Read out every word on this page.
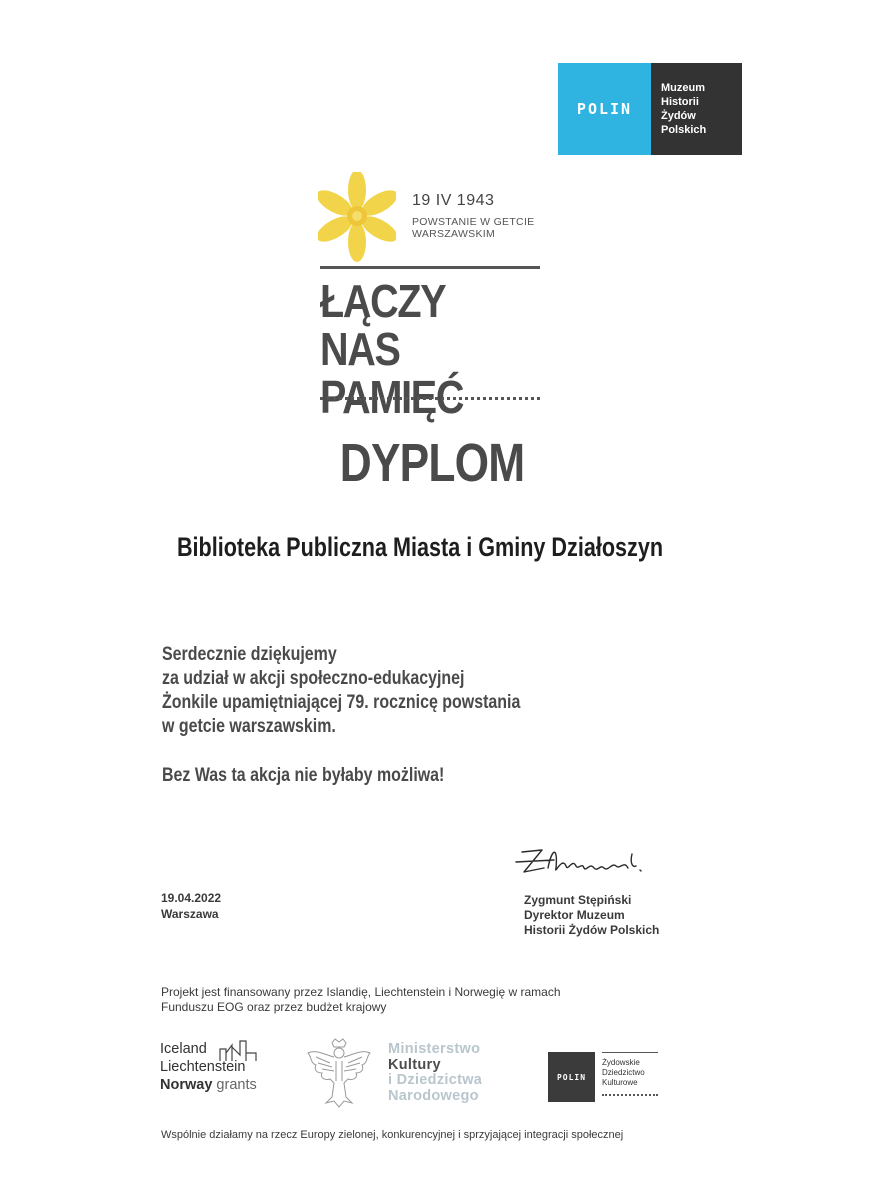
POLIN
Muzeum
Historii
Żydów
Polskich
19 IV 1943
POWSTANIE W GETCIE
WARSZAWSKIM
ŁĄCZY NAS
PAMIĘĆ
DYPLOM
Biblioteka Publiczna Miasta i Gminy Działoszyn
Serdecznie dziękujemy
za udział w akcji społeczno-edukacyjnej
Żonkile upamiętniającej 79. rocznicę powstania
w getcie warszawskim.
Bez Was ta akcja nie byłaby możliwa!
19.04.2022
Warszawa
Zygmunt Stępiński
Dyrektor Muzeum
Historii Żydów Polskich
Projekt jest finansowany przez Islandię, Liechtenstein i Norwegię w ramach
Funduszu EOG oraz przez budżet krajowy
Iceland
Liechtenstein
Norway grants
Ministerstwo
Kultury
i Dziedzictwa
Narodowego
POLIN
Żydowskie
Dziedzictwo
Kulturowe
Wspólnie działamy na rzecz Europy zielonej, konkurencyjnej i sprzyjającej integracji społecznej
